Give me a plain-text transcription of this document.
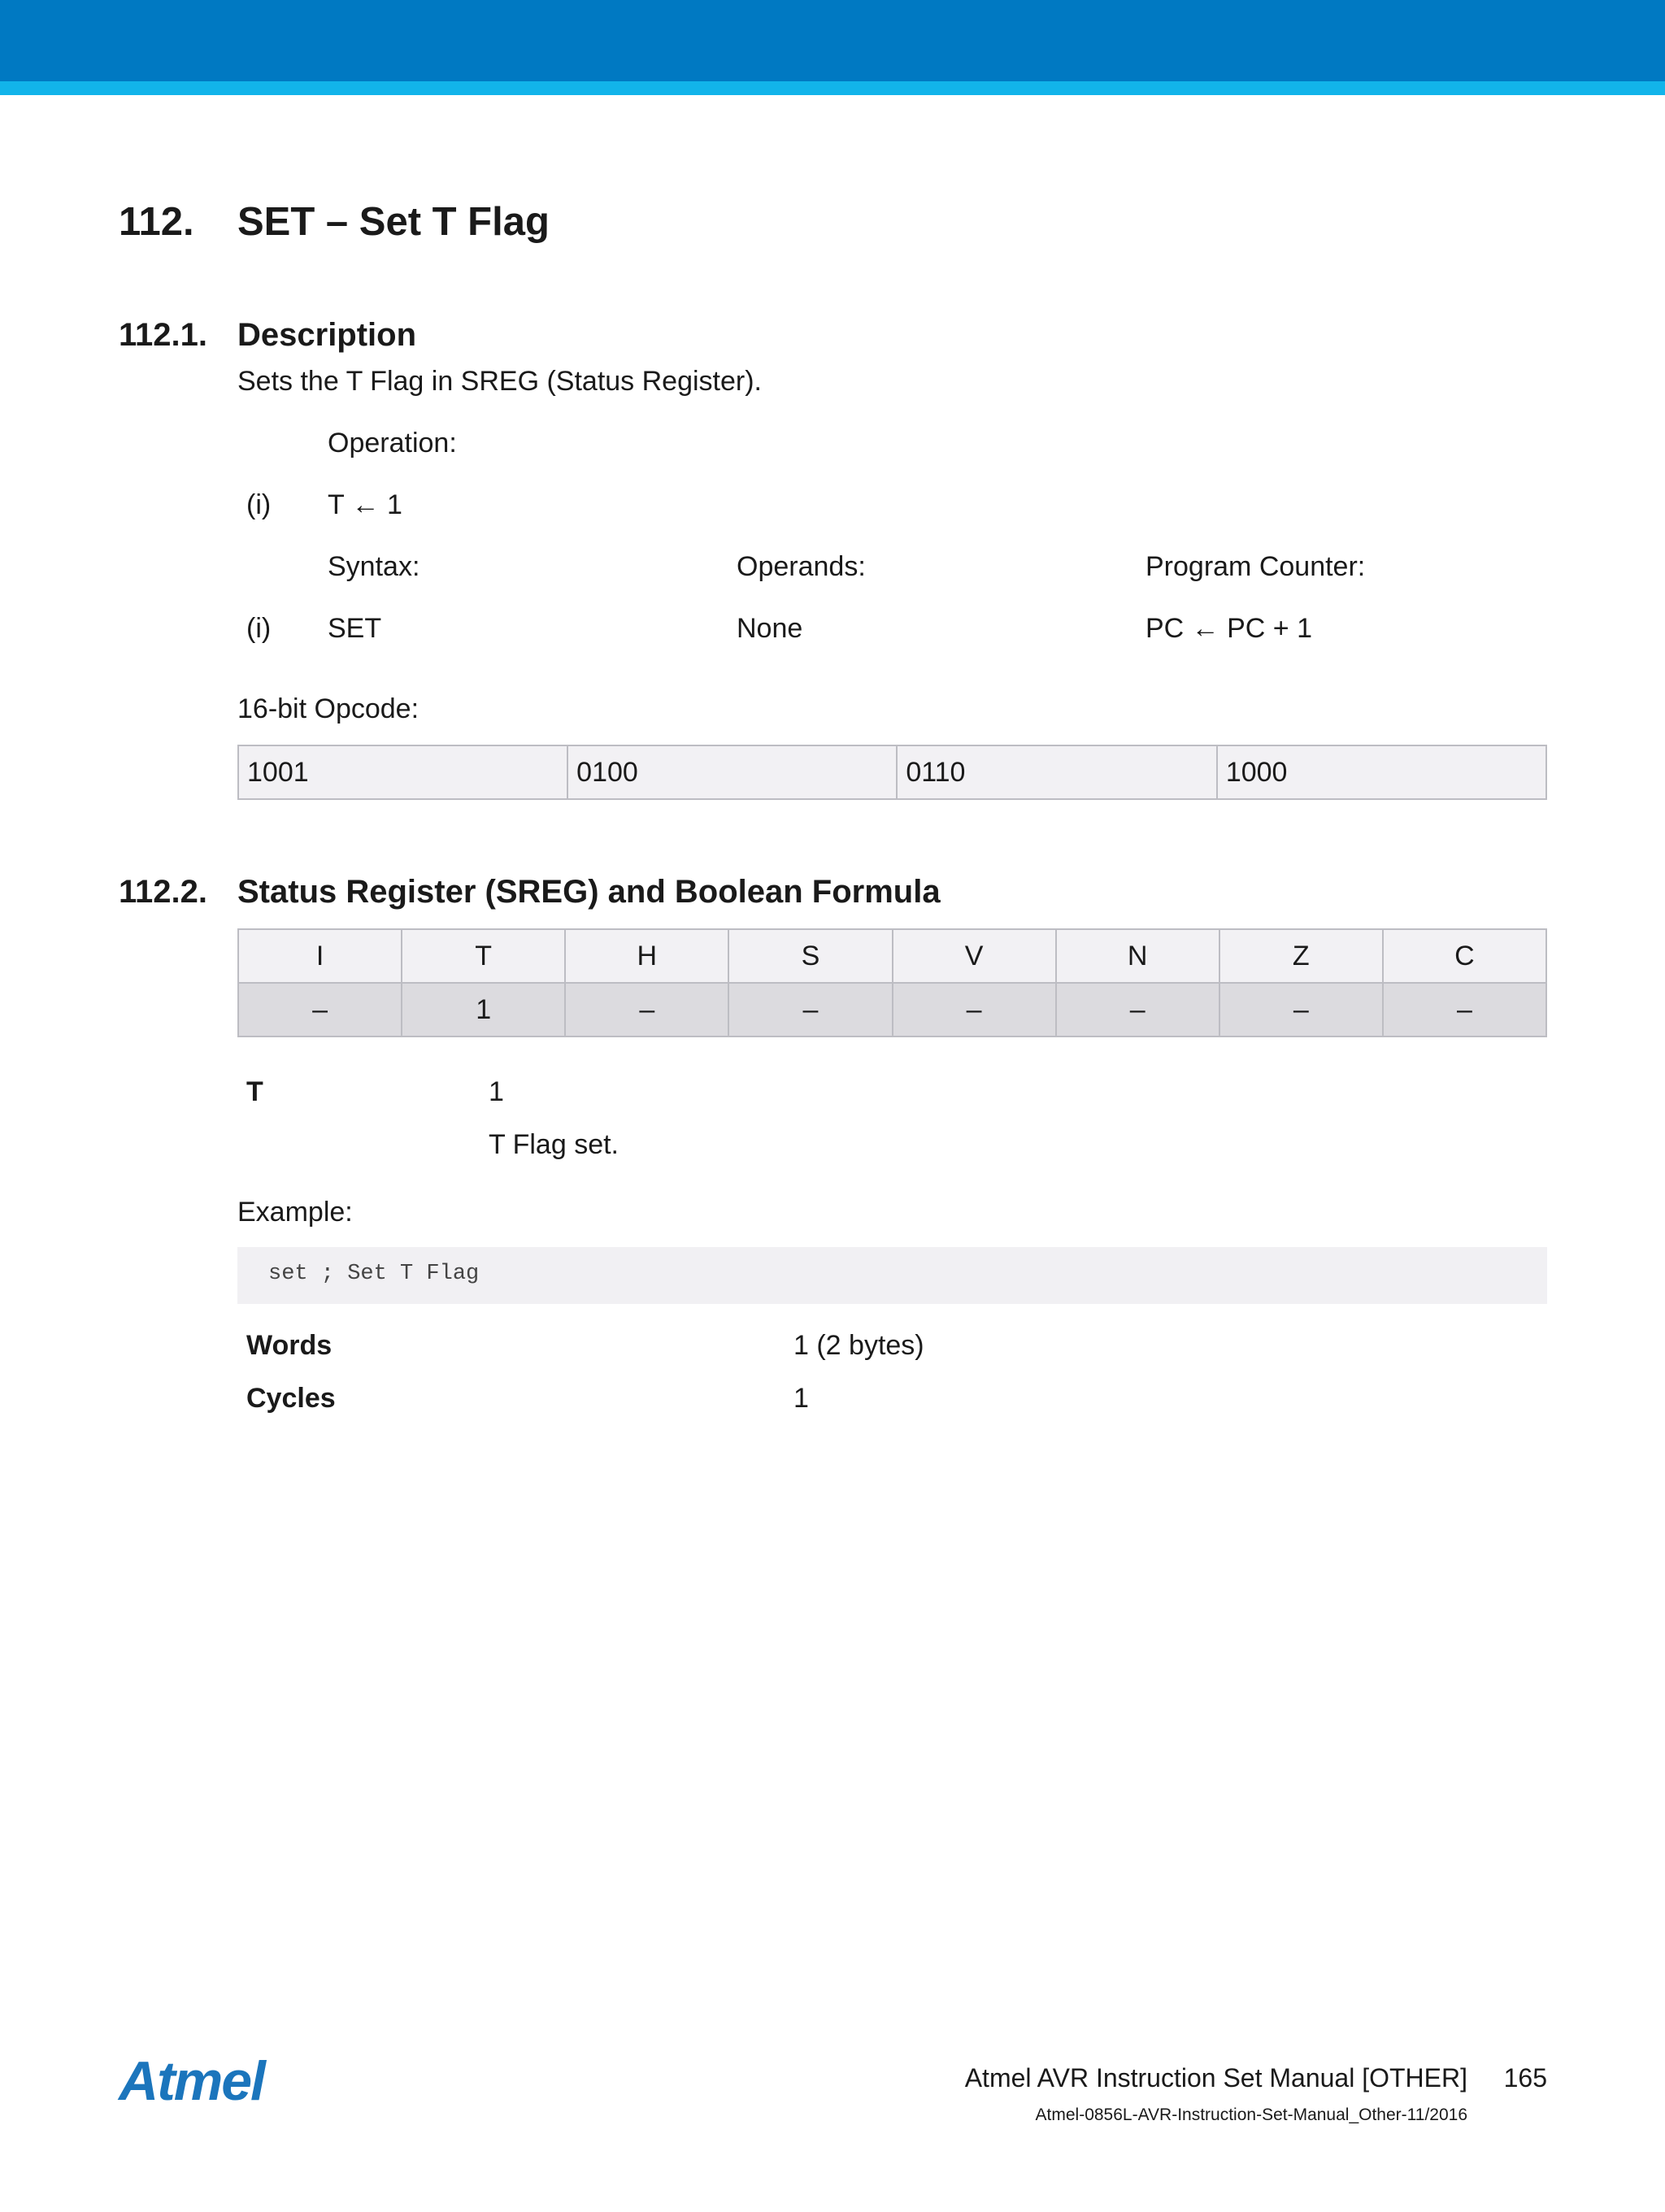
112. SET – Set T Flag
112.1. Description
Sets the T Flag in SREG (Status Register).
Operation:
(i) T ← 1
Syntax:	Operands:	Program Counter:
(i) SET	None	PC ← PC + 1
16-bit Opcode:
1001	0100	0110	1000
112.2. Status Register (SREG) and Boolean Formula
I	T	H	S	V	N	Z	C
–	1	–	–	–	–	–	–
T	1
T Flag set.
Example:
set ; Set T Flag
Words	1 (2 bytes)
Cycles	1
Atmel	Atmel AVR Instruction Set Manual [OTHER] 165
Atmel-0856L-AVR-Instruction-Set-Manual_Other-11/2016
